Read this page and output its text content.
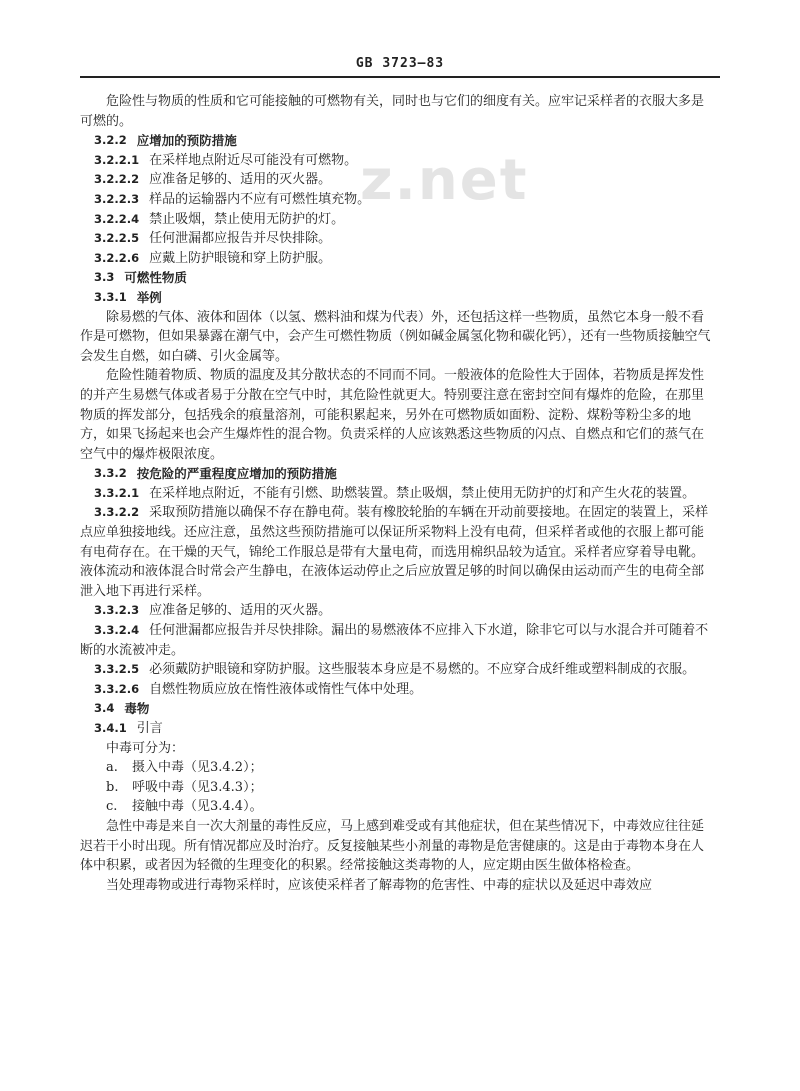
GB 3723—83
z.net

危险性与物质的性质和它可能接触的可燃物有关，同时也与它们的细度有关。应牢记采样者的衣服大多是可燃的。

3.2.2 应增加的预防措施
3.2.2.1 在采样地点附近尽可能没有可燃物。
3.2.2.2 应准备足够的、适用的灭火器。
3.2.2.3 样品的运输器内不应有可燃性填充物。
3.2.2.4 禁止吸烟，禁止使用无防护的灯。
3.2.2.5 任何泄漏都应报告并尽快排除。
3.2.2.6 应戴上防护眼镜和穿上防护服。
3.3 可燃性物质
3.3.1 举例

除易燃的气体、液体和固体（以氢、燃料油和煤为代表）外，还包括这样一些物质，虽然它本身一般不看作是可燃物，但如果暴露在潮气中，会产生可燃性物质（例如碱金属氢化物和碳化钙），还有一些物质接触空气会发生自燃，如白磷、引火金属等。

危险性随着物质、物质的温度及其分散状态的不同而不同。一般液体的危险性大于固体，若物质是挥发性的并产生易燃气体或者易于分散在空气中时，其危险性就更大。特别要注意在密封空间有爆炸的危险，在那里物质的挥发部分，包括残余的痕量溶剂，可能积累起来，另外在可燃物质如面粉、淀粉、煤粉等粉尘多的地方，如果飞扬起来也会产生爆炸性的混合物。负责采样的人应该熟悉这些物质的闪点、自燃点和它们的蒸气在空气中的爆炸极限浓度。

3.3.2 按危险的严重程度应增加的预防措施

3.3.2.1 在采样地点附近，不能有引燃、助燃装置。禁止吸烟，禁止使用无防护的灯和产生火花的装置。

3.3.2.2 采取预防措施以确保不存在静电荷。装有橡胶轮胎的车辆在开动前要接地。在固定的装置上，采样点应单独接地线。还应注意，虽然这些预防措施可以保证所采物料上没有电荷，但采样者或他的衣服上都可能有电荷存在。在干燥的天气，锦纶工作服总是带有大量电荷，而选用棉织品较为适宜。采样者应穿着导电靴。液体流动和液体混合时常会产生静电，在液体运动停止之后应放置足够的时间以确保由运动而产生的电荷全部泄入地下再进行采样。

3.3.2.3 应准备足够的、适用的灭火器。

3.3.2.4 任何泄漏都应报告并尽快排除。漏出的易燃液体不应排入下水道，除非它可以与水混合并可随着不断的水流被冲走。

3.3.2.5 必须戴防护眼镜和穿防护服。这些服装本身应是不易燃的。不应穿合成纤维或塑料制成的衣服。

3.3.2.6 自燃性物质应放在惰性液体或惰性气体中处理。

3.4 毒物
3.4.1 引言

中毒可分为：

a.	摄入中毒（见3.4.2）；
b.	呼吸中毒（见3.4.3）；
c.	接触中毒（见3.4.4）。

急性中毒是来自一次大剂量的毒性反应，马上感到难受或有其他症状，但在某些情况下，中毒效应往往延迟若干小时出现。所有情况都应及时治疗。反复接触某些小剂量的毒物是危害健康的。这是由于毒物本身在人体中积累，或者因为轻微的生理变化的积累。经常接触这类毒物的人，应定期由医生做体格检查。

当处理毒物或进行毒物采样时，应该使采样者了解毒物的危害性、中毒的症状以及延迟中毒效应
